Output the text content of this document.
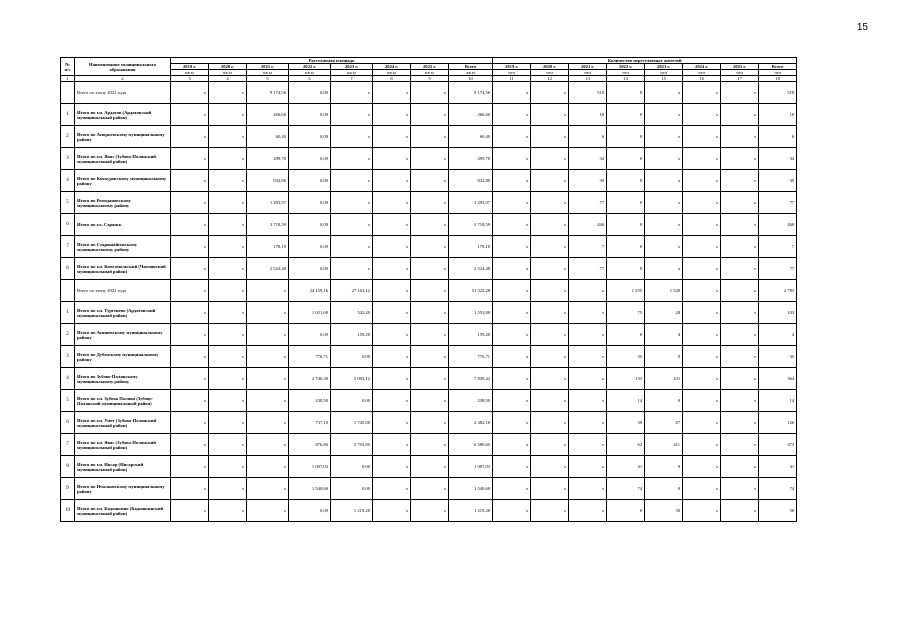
15
№ п/с	Наименование муниципального образования	Расселяемая площадь								Количество переселяемых жителей							
		2019 г.	2020 г.	2021 г.	2022 г.	2023 г.	2024 г.	2025 г.	Всего	2019 г.	2020 г.	2021 г.	2022 г.	2023 г.	2024 г.	2025 г.	Всего
		кв.м	кв.м	кв.м	кв.м	кв.м	кв.м	кв.м	кв.м	чел	чел	чел	чел	чел	чел	чел	чел
1	2	3	4	5	6	7	8	9	10	11	12	13	14	15	16	17	18
	Всего по этапу 2021 года	x	x	9 174,56	0,00	x	x	x	9 174,56	x	x	510	0	x	x	x	510
1	Итого по г.п. Ардатов (Ардатовский муниципальный район)	x	x	266,60	0,00	x	x	x	266,60	x	x	10	0	x	x	x	10
2	Итого по Атюрьевскому муниципальному району	x	x	60,40	0,00	x	x	x	60,40	x	x	6	0	x	x	x	6
3	Итого по г.п. Явас (Зубово-Полянский муниципальный район)	x	x	299,70	0,00	x	x	x	299,70	x	x	34	0	x	x	x	34
4	Итого по Кочкуровскому муниципальному району	x	x	832,80	0,00	x	x	x	832,80	x	x	39	0	x	x	x	39
5	Итого по Ромодановскому муниципальному району	x	x	1 293,97	0,00	x	x	x	1 293,97	x	x	77	0	x	x	x	77
6	Итого по г.о. Саранск	x	x	3 718,59	0,00	x	x	x	3 718,59	x	x	260	0	x	x	x	260
7	Итого по Старошайговскому муниципальному району	x	x	178,10	0,00	x	x	x	178,10	x	x	7	0	x	x	x	7
8	Итого по г.п. Комсомольский (Чамзинский муниципальный район)	x	x	2 524,40	0,00	x	x	x	2 524,40	x	x	77	0	x	x	x	77
	Всего по этапу 2022 года	x	x	x	24 159,16	27 163,12	x	x	51 322,28	x	x	x	1 255	1 528	x	x	2 783
1	Итого по г.п. Тургенево (Ардатовский муниципальный район)	x	x	x	1 021,60	532,20	x	x	1 553,80	x	x	x	75	28	x	x	103
2	Итого по Атяшевскому муниципальному району	x	x	x	0,00	159,20	x	x	159,20	x	x	x	0	4	x	x	4
3	Итого по Дубенскому муниципальному району	x	x	x	776,71	0,00	x	x	776,71	x	x	x	35	0	x	x	35
4	Итого по Зубово-Полянскому муниципальному району	x	x	x	2 746,30	5 093,12	x	x	7 839,42	x	x	x	133	231	x	x	364
5	Итого по г.п. Зубова Поляна (Зубово-Полянский муниципальный район)	x	x	x	238,50	0,00	x	x	238,50	x	x	x	14	0	x	x	14
6	Итого по г.п. Умет (Зубово-Полянский муниципальный район)	x	x	x	737,10	1 745,00	x	x	2 482,10	x	x	x	39	87	x	x	126
7	Итого по г.п. Явас (Зубово-Полянский муниципальный район)	x	x	x	876,80	5 703,85	x	x	6 580,65	x	x	x	62	411	x	x	473
8	Итого по г.п. Инсар (Инсарский муниципальный район)	x	x	x	1 007,03	0,00	x	x	1 007,03	x	x	x	41	0	x	x	41
9	Итого по Ичалковскому муниципальному району	x	x	x	1 540,60	0,00	x	x	1 540,60	x	x	x	74	0	x	x	74
10	Итого по г.п. Кадошкино (Кадошкинский муниципальный район)	x	x	x	0,00	1 219,20	x	x	1 219,20	x	x	x	0	50	x	x	50
